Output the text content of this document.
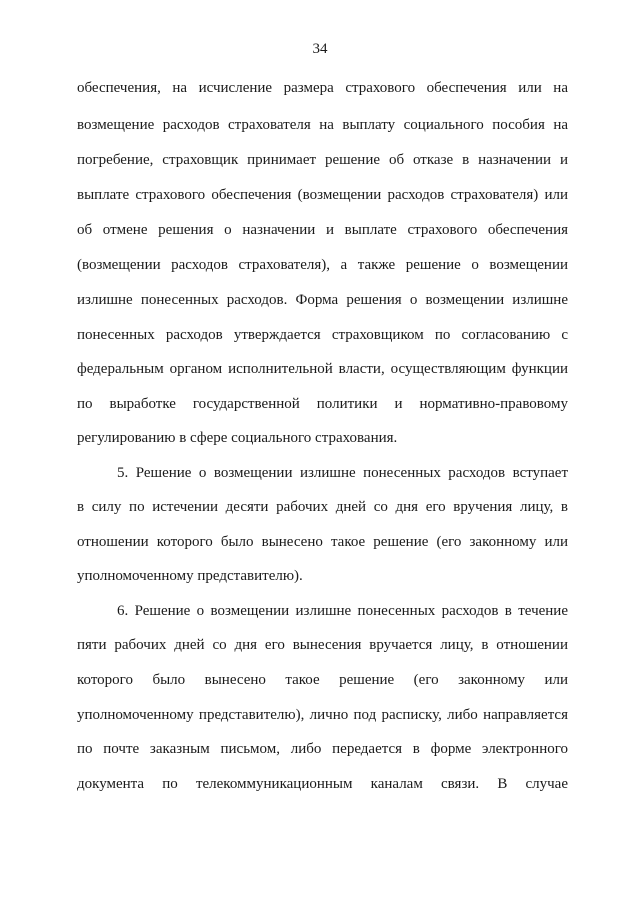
34
обеспечения, на исчисление размера страхового обеспечения или на
возмещение расходов страхователя на выплату социального пособия на
погребение, страховщик принимает решение об отказе в назначении и
выплате страхового обеспечения (возмещении расходов страхователя) или
об отмене решения о назначении и выплате страхового обеспечения
(возмещении расходов страхователя), а также решение о возмещении
излишне понесенных расходов. Форма решения о возмещении излишне
понесенных расходов утверждается страховщиком по согласованию с
федеральным органом исполнительной власти, осуществляющим функции
по выработке государственной политики и нормативно-правовому
регулированию в сфере социального страхования.
5. Решение о возмещении излишне понесенных расходов вступает
в силу по истечении десяти рабочих дней со дня его вручения лицу, в
отношении которого было вынесено такое решение (его законному или
уполномоченному представителю).
6. Решение о возмещении излишне понесенных расходов в течение
пяти рабочих дней со дня его вынесения вручается лицу, в отношении
которого было вынесено такое решение (его законному или
уполномоченному представителю), лично под расписку, либо направляется
по почте заказным письмом, либо передается в форме электронного
документа по телекоммуникационным каналам связи. В случае
